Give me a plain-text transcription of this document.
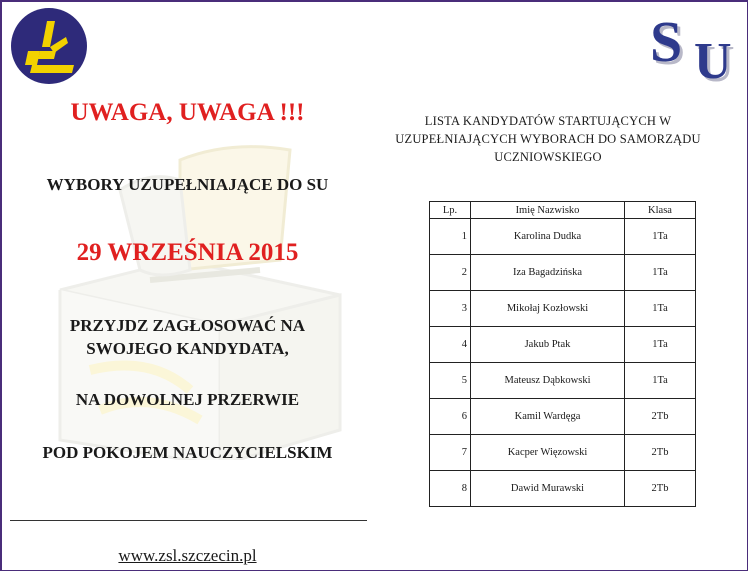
S U
UWAGA, UWAGA !!!
WYBORY UZUPEŁNIAJĄCE DO SU
29 WRZEŚNIA 2015
PRZYJDZ ZAGŁOSOWAĆ NA
SWOJEGO KANDYDATA,
NA DOWOLNEJ PRZERWIE
POD POKOJEM NAUCZYCIELSKIM
www.zsl.szczecin.pl
LISTA KANDYDATÓW STARTUJĄCYCH W
UZUPEŁNIAJĄCYCH WYBORACH DO SAMORZĄDU
UCZNIOWSKIEGO
Lp.	Imię Nazwisko	Klasa
1	Karolina Dudka	1Ta
2	Iza Bagadzińska	1Ta
3	Mikołaj Kozłowski	1Ta
4	Jakub Ptak	1Ta
5	Mateusz Dąbkowski	1Ta
6	Kamil Wardęga	2Tb
7	Kacper Więzowski	2Tb
8	Dawid Murawski	2Tb
